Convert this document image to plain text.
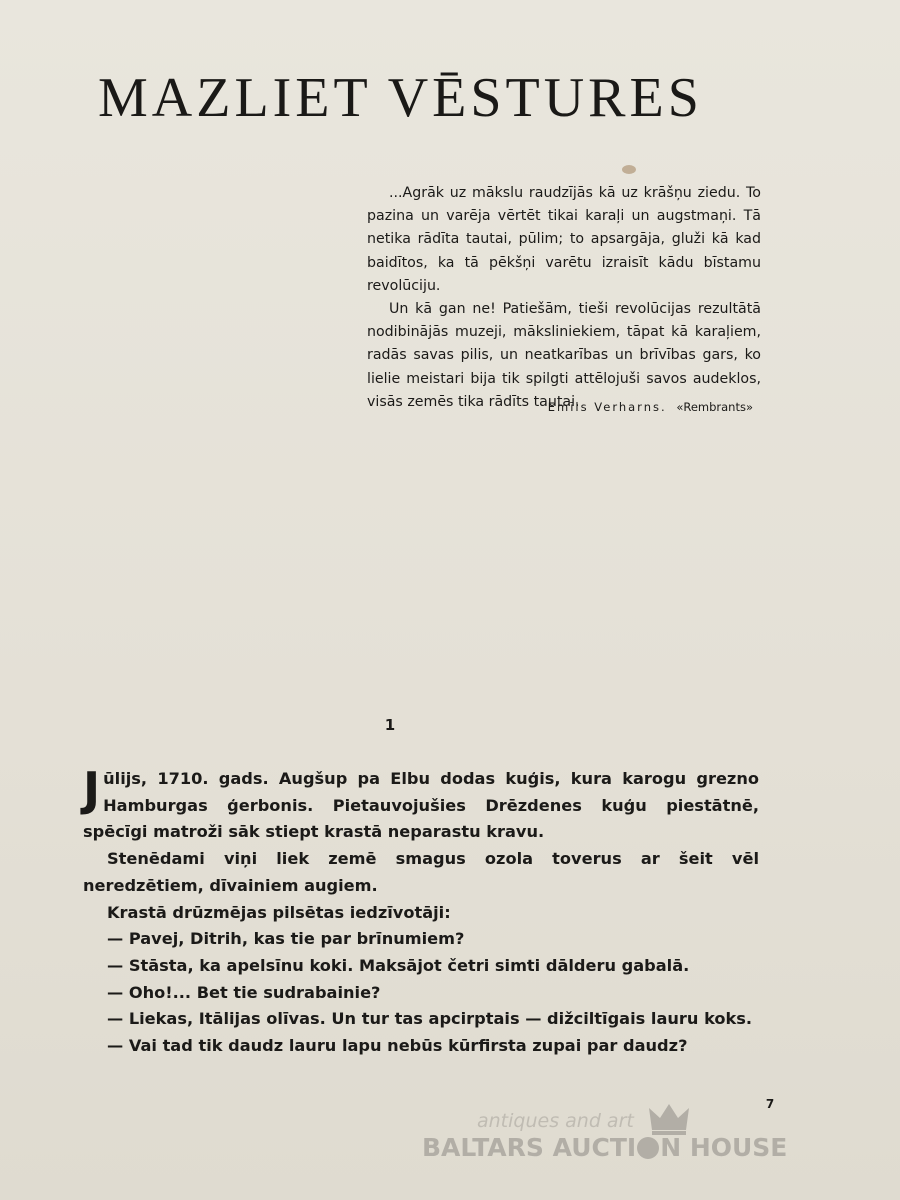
MAZLIET VĒSTURES

...Agrāk uz mākslu raudzījās kā uz krāšņu ziedu. To pazina un varēja vērtēt tikai karaļi un augstmaņi. Tā netika rādīta tautai, pūlim; to apsargāja, gluži kā kad baidītos, ka tā pēkšņi varētu izraisīt kādu bīstamu revolūciju.

Un kā gan ne! Patiešām, tieši revolūcijas rezultātā nodibinājās muzeji, māksliniekiem, tāpat kā karaļiem, radās savas pilis, un neatkarības un brīvības gars, ko lielie meistari bija tik spilgti attēlojuši savos audeklos, visās zemēs tika rādīts tautai.

Emīls Verharns. «Rembrants»
1

Jūlijs, 1710. gads. Augšup pa Elbu dodas kuģis, kura karogu grezno Hamburgas ģerbonis. Pietauvojušies Drēzdenes kuģu piestātnē, spēcīgi matroži sāk stiept krastā neparastu kravu.

Stenēdami viņi liek zemē smagus ozola toverus ar šeit vēl neredzētiem, dīvainiem augiem.

Krastā drūzmējas pilsētas iedzīvotāji:

— Pavej, Ditrih, kas tie par brīnumiem?

— Stāsta, ka apelsīnu koki. Maksājot četri simti dālderu gabalā.

— Oho!... Bet tie sudrabainie?

— Liekas, Itālijas olīvas. Un tur tas apcirptais — dižciltīgais lauru koks.

— Vai tad tik daudz lauru lapu nebūs kūrfirsta zupai par daudz?

7
antiques and art
BALTARS AUCTI N HOUSE
